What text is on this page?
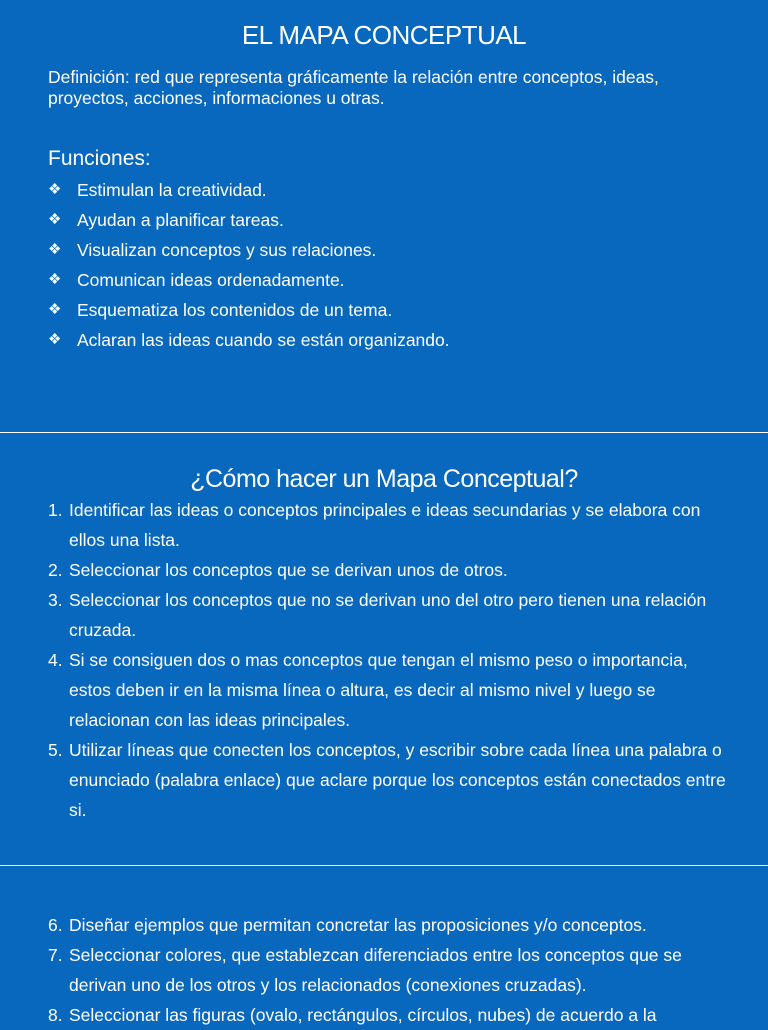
EL MAPA CONCEPTUAL
Definición: red que representa gráficamente la relación entre conceptos, ideas, proyectos, acciones, informaciones u otras.
Funciones:
❖ Estimulan la creatividad.
❖ Ayudan a planificar tareas.
❖ Visualizan conceptos y sus relaciones.
❖ Comunican ideas ordenadamente.
❖ Esquematiza los contenidos de un tema.
❖ Aclaran las ideas cuando se están organizando.
¿Cómo hacer un Mapa Conceptual?
1. Identificar las ideas o conceptos principales e ideas secundarias y se elabora con ellos una lista.
2. Seleccionar los conceptos que se derivan unos de otros.
3. Seleccionar los conceptos que no se derivan uno del otro pero tienen una relación cruzada.
4. Si se consiguen dos o mas conceptos que tengan el mismo peso o importancia, estos deben ir en la misma línea o altura, es decir al mismo nivel y luego se relacionan con las ideas principales.
5. Utilizar líneas que conecten los conceptos, y escribir sobre cada línea una palabra o enunciado (palabra enlace) que aclare porque los conceptos están conectados entre si.
6. Diseñar ejemplos que permitan concretar las proposiciones y/o conceptos.
7. Seleccionar colores, que establezcan diferenciados entre los conceptos que se derivan uno de los otros y los relacionados (conexiones cruzadas).
8. Seleccionar las figuras (ovalo, rectángulos, círculos, nubes) de acuerdo a la
